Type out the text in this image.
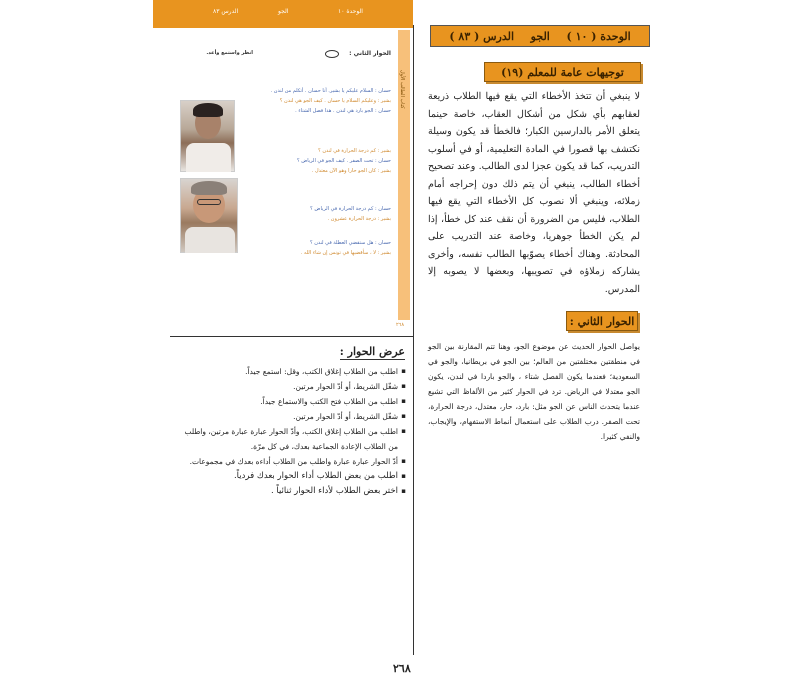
الوحدة ١٠
الجو
الدرس ٨٣
كتاب الطالب الأول
الحوار الثاني :
انظر واستمع وأعد.
حسان : السلام عليكم يا بشير. أنا حسان . أتكلم من لندن .
بشير : وعليكم السلام يا حسان . كيف الجو هي لندن ؟
حسان : الجو بارد هي لندن . هذا فصل الشتاء .
بشير : كم درجة الحرارة في لندن ؟
حسان : تحت الصفر . كيف الجو في الرياض ؟
بشير : كان الجو حارا وهو الآن معتدل .
حسان : كم درجة الحرارة في الرياض ؟
بشير : درجة الحرارة عشرون .
حسان : هل ستقضي العطلة في لندن ؟
بشير : لا ، سأقضيها في تونس إن شاء الله .
٢٦٨
الوحدة ( ١٠ )
الجو
الدرس ( ٨٣ )
توجيهات عامة للمعلم (١٩)
لا ينبغي أن تتخذ الأخطاء التي يقع فيها الطلاب ذريعة لعقابهم بأي شكل من أشكال العقاب، خاصة حينما يتعلق الأمر بالدارسين الكبار؛ فالخطأ قد يكون وسيلة نكتشف بها قصورا في المادة التعليمية، أو في أسلوب التدريب، كما قد يكون عجزا لدى الطالب. وعند تصحيح أخطاء الطالب، ينبغي أن يتم ذلك دون إحراجه أمام زملائه، وينبغي ألا نصوب كل الأخطاء التي يقع فيها الطلاب، فليس من الضرورة أن نقف عند كل خطأ، إذا لم يكن الخطأ جوهريا، وخاصة عند التدريب على المحادثة. وهناك أخطاء يصوّبها الطالب نفسه، وأخرى يشاركه زملاؤه في تصويبها، وبعضها لا يصوبه إلا المدرس.
الحوار الثاني :
يواصل الحوار الحديث عن موضوع الجو، وهنا تتم المقارنة بين الجو في منطقتين مختلفتين من العالم؛ بين الجو في بريطانيا، والجو في السعودية؛ فعندما يكون الفصل شتاء ، والجو باردا في لندن، يكون الجو معتدلا في الرياض. ترد في الحوار كثير من الألفاظ التي تشيع عندما يتحدث الناس عن الجو مثل: بارد، حار، معتدل، درجة الحرارة، تحت الصفر. درب الطلاب على استعمال أنماط الاستفهام، والإيجاب، والنفي كثيرا.
عرض الحوار :
▪ اطلب من الطلاب إغلاق الكتب، وقل: استمع جيداً.
▪ شغّل الشريط، أو أدّ الحوار مرتين.
▪ اطلب من الطلاب فتح الكتب والاستماع جيداً.
▪ شغّل الشريط، أو أدّ الحوار مرتين.
▪ اطلب من الطلاب إغلاق الكتب، وأدّ الحوار عبارة عبارة مرتين، واطلب من الطلاب الإعادة الجماعية بعدك، في كل مرّة.
▪ أدّ الحوار عبارة عبارة واطلب من الطلاب أداءه بعدك في مجموعات.
▪ اطلب من بعض الطلاب أداء الحوار بعدك فردياً.
▪ اختر بعض الطلاب لأداء الحوار ثنائياً .
٢٦٨
